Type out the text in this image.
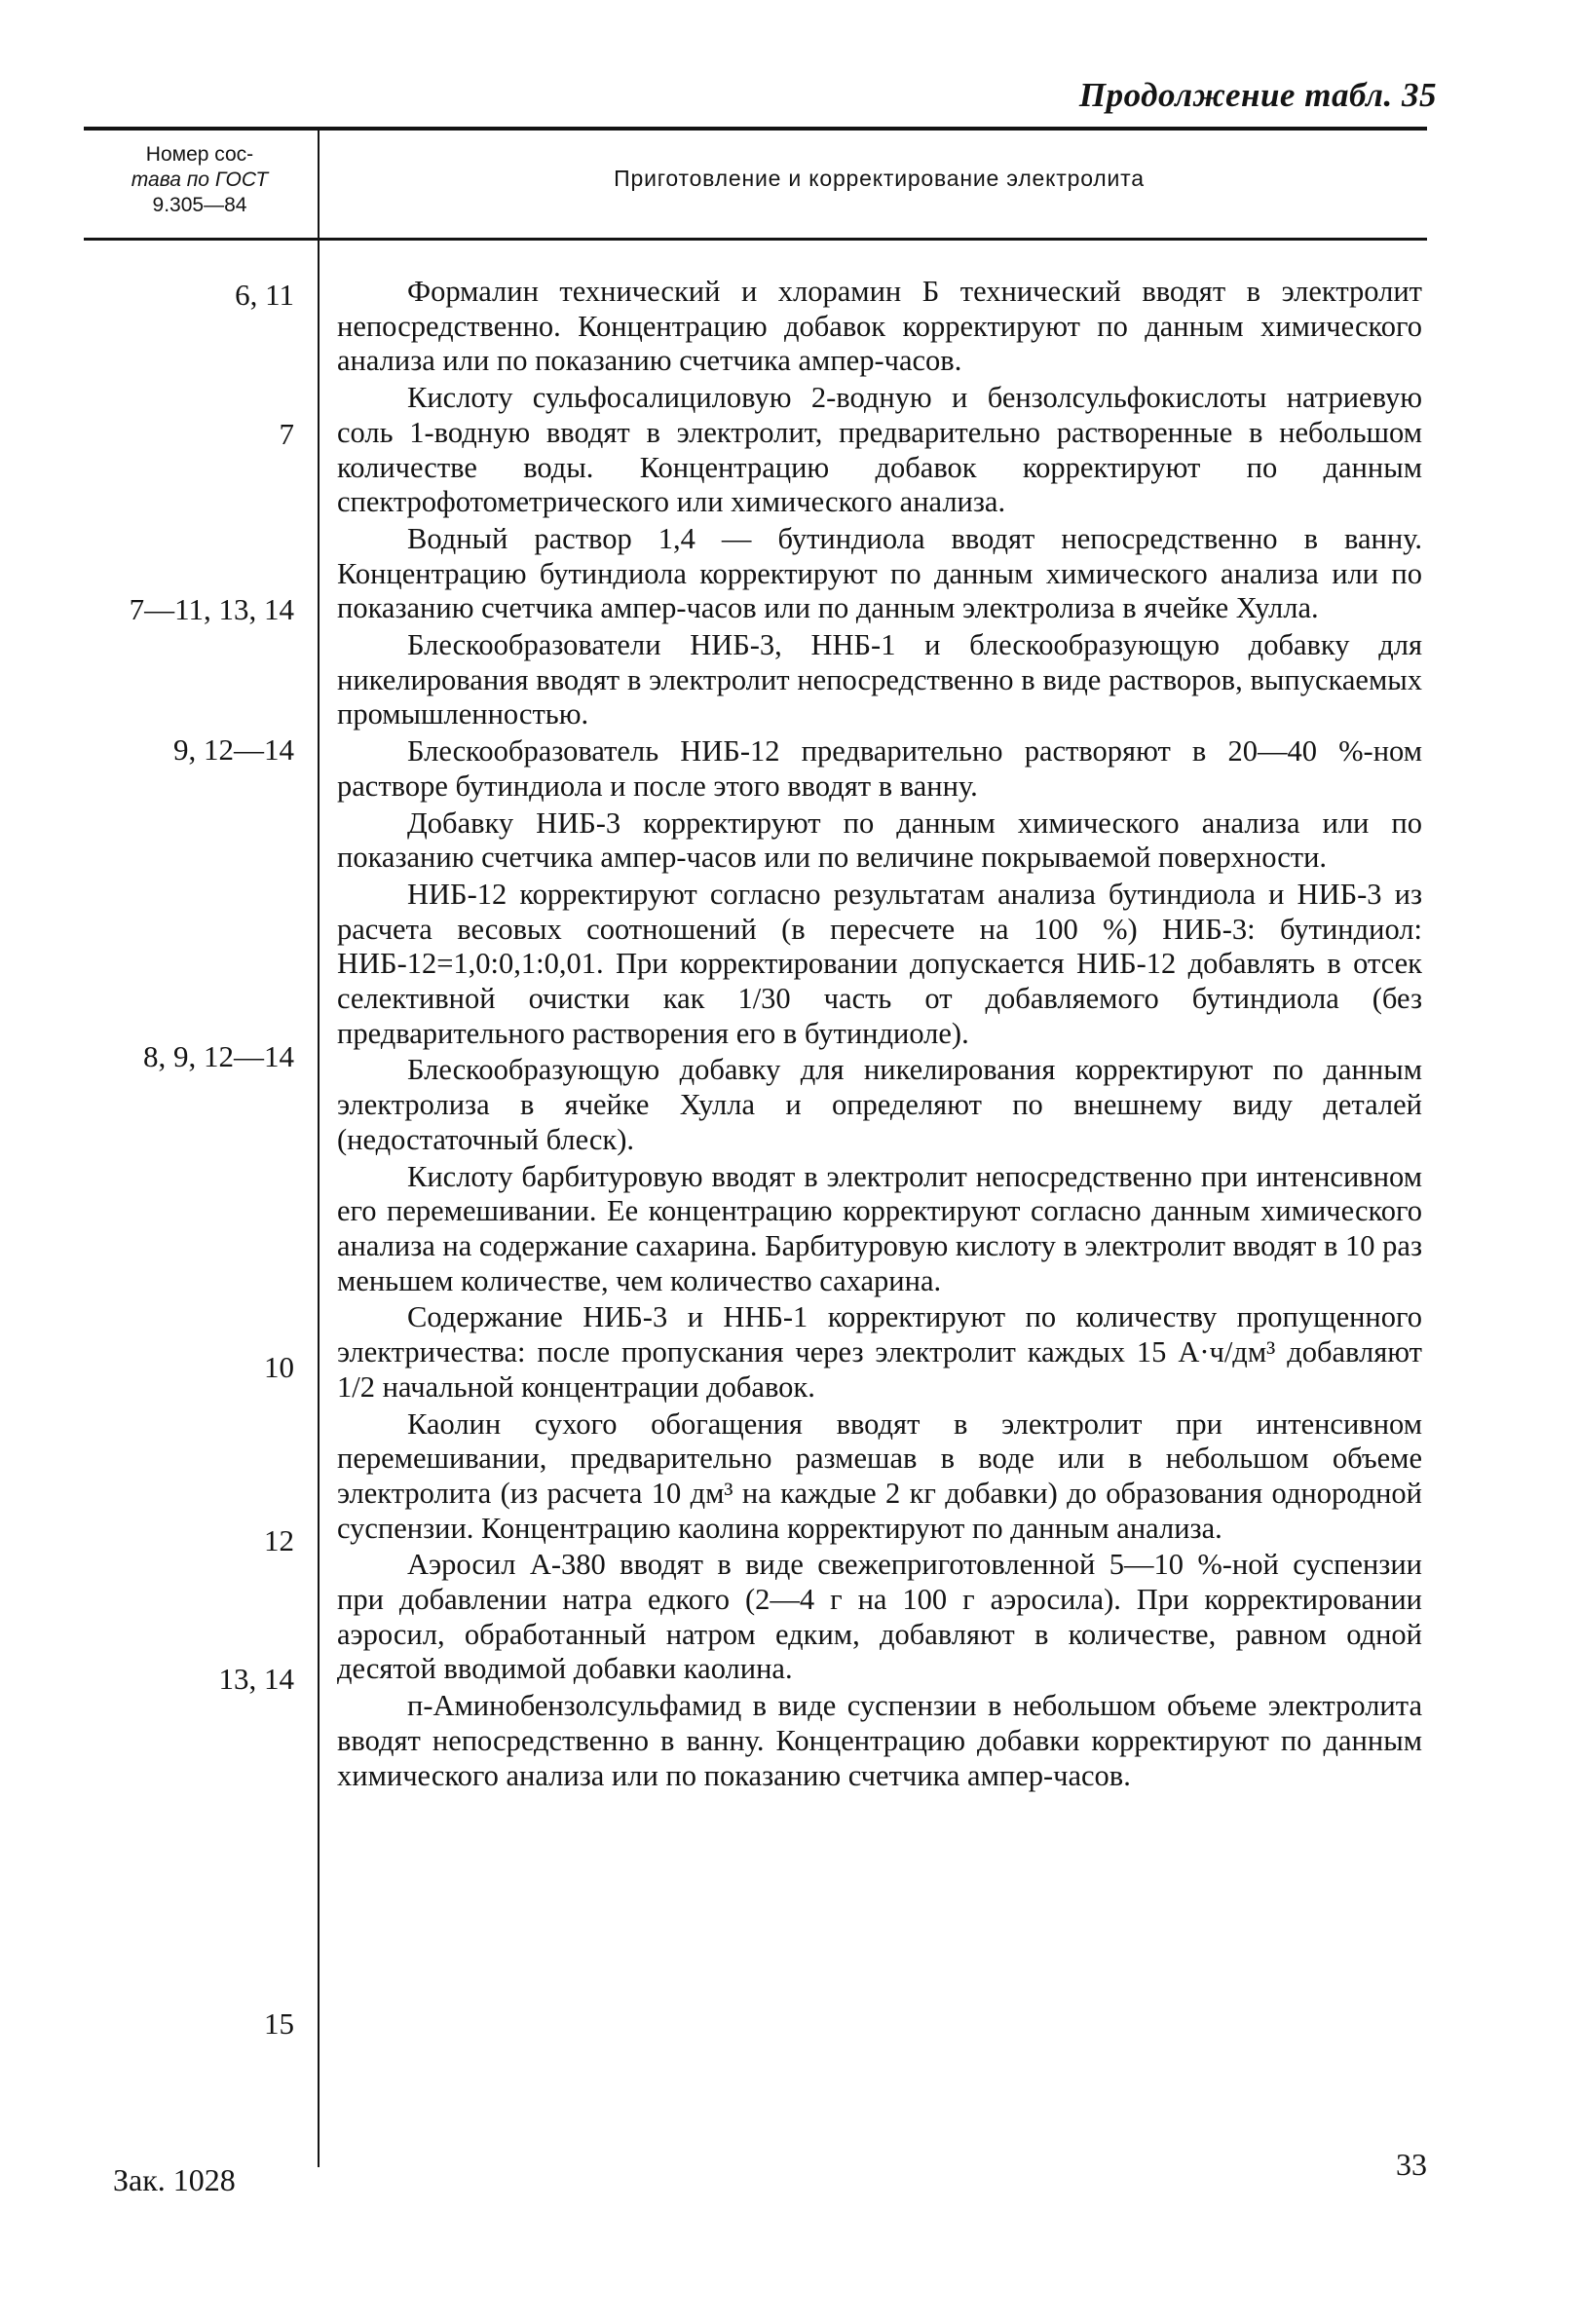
Продолжение табл. 35
Номер сос-
тава по ГОСТ
9.305—84
Приготовление и корректирование электролита
6, 11
7
7—11, 13, 14
9, 12—14
8, 9, 12—14
10
12
13, 14
15

Формалин технический и хлорамин Б технический вводят в электролит непосредственно. Концентрацию добавок корректируют по данным химического анализа или по показанию счетчика ампер-часов.

Кислоту сульфосалициловую 2-водную и бензолсульфокислоты натриевую соль 1-водную вводят в электролит, предварительно растворенные в небольшом количестве воды. Концентрацию добавок корректируют по данным спектрофотометрического или химического анализа.

Водный раствор 1,4 — бутиндиола вводят непосредственно в ванну. Концентрацию бутиндиола корректируют по данным химического анализа или по показанию счетчика ампер-часов или по данным электролиза в ячейке Хулла.

Блескообразователи НИБ-3, ННБ-1 и блескообразующую добавку для никелирования вводят в электролит непосредственно в виде растворов, выпускаемых промышленностью.

Блескообразователь НИБ-12 предварительно растворяют в 20—40 %-ном растворе бутиндиола и после этого вводят в ванну.

Добавку НИБ-3 корректируют по данным химического анализа или по показанию счетчика ампер-часов или по величине покрываемой поверхности.

НИБ-12 корректируют согласно результатам анализа бутиндиола и НИБ-3 из расчета весовых соотношений (в пересчете на 100 %) НИБ-3: бутиндиол: НИБ-12=1,0:0,1:0,01. При корректировании допускается НИБ-12 добавлять в отсек селективной очистки как 1/30 часть от добавляемого бутиндиола (без предварительного растворения его в бутиндиоле).

Блескообразующую добавку для никелирования корректируют по данным электролиза в ячейке Хулла и определяют по внешнему виду деталей (недостаточный блеск).

Кислоту барбитуровую вводят в электролит непосредственно при интенсивном его перемешивании. Ее концентрацию корректируют согласно данным химического анализа на содержание сахарина. Барбитуровую кислоту в электролит вводят в 10 раз меньшем количестве, чем количество сахарина.

Содержание НИБ-3 и ННБ-1 корректируют по количеству пропущенного электричества: после пропускания через электролит каждых 15 А·ч/дм³ добавляют 1/2 начальной концентрации добавок.

Каолин сухого обогащения вводят в электролит при интенсивном перемешивании, предварительно размешав в воде или в небольшом объеме электролита (из расчета 10 дм³ на каждые 2 кг добавки) до образования однородной суспензии. Концентрацию каолина корректируют по данным анализа.

Аэросил А-380 вводят в виде свежеприготовленной 5—10 %-ной суспензии при добавлении натра едкого (2—4 г на 100 г аэросила). При корректировании аэросил, обработанный натром едким, добавляют в количестве, равном одной десятой вводимой добавки каолина.

п-Аминобензолсульфамид в виде суспензии в небольшом объеме электролита вводят непосредственно в ванну. Концентрацию добавки корректируют по данным химического анализа или по показанию счетчика ампер-часов.

Зак. 1028	33
